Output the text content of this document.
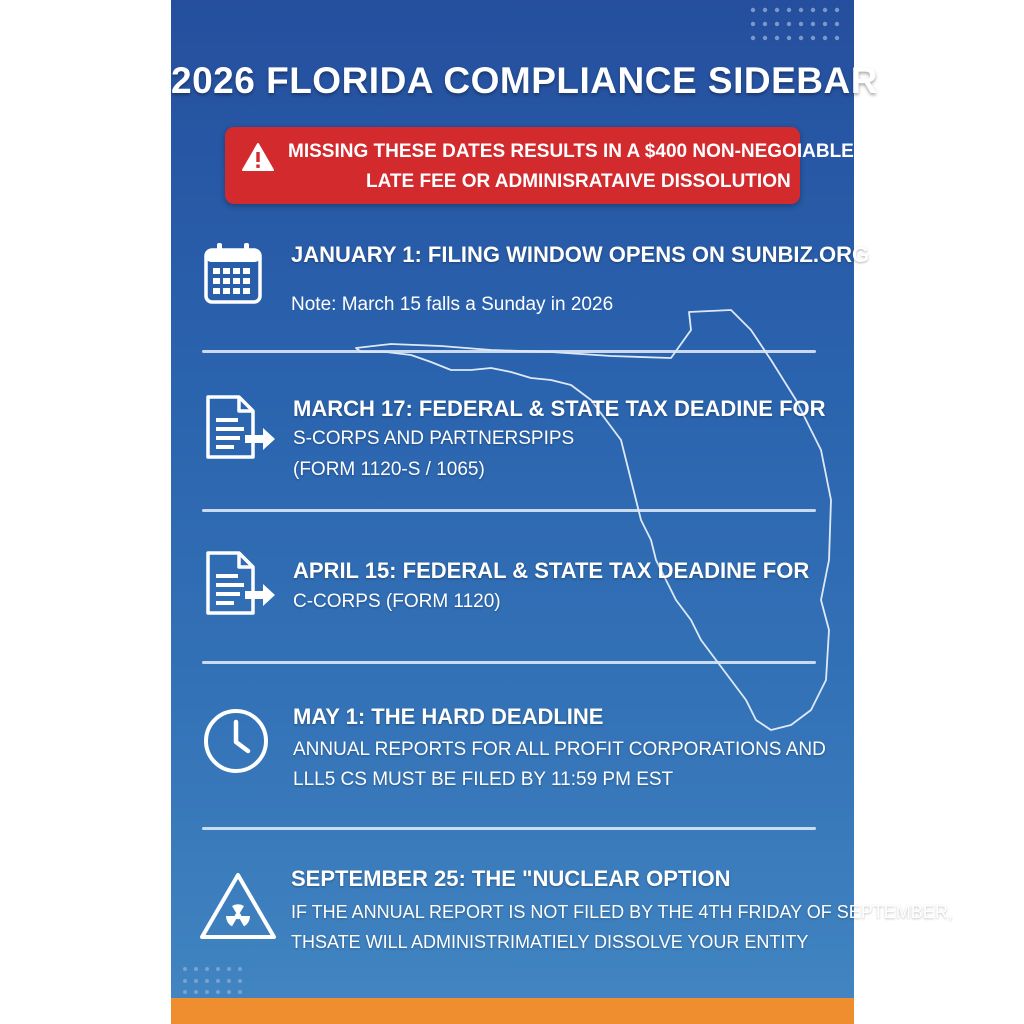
2026 FLORIDA COMPLIANCE SIDEBAR
MISSING THESE DATES RESULTS IN A $400 NON-NEGOIABLE
LATE FEE OR ADMINISRATAIVE DISSOLUTION
JANUARY 1: FILING WINDOW OPENS ON SUNBIZ.ORG
Note: March 15 falls a Sunday in 2026
MARCH 17: FEDERAL & STATE TAX DEADINE FOR
S-CORPS AND PARTNERSPIPS
(FORM 1120-S / 1065)
APRIL 15: FEDERAL & STATE TAX DEADINE FOR
C-CORPS (FORM 1120)
MAY 1: THE HARD DEADLINE
ANNUAL REPORTS FOR ALL PROFIT CORPORATIONS AND
LLL5 CS MUST BE FILED BY 11:59 PM EST
SEPTEMBER 25: THE "NUCLEAR OPTION
IF THE ANNUAL REPORT IS NOT FILED BY THE 4TH FRIDAY OF SEPTEMBER,
THSATE WILL ADMINISTRIMATIELY DISSOLVE YOUR ENTITY
